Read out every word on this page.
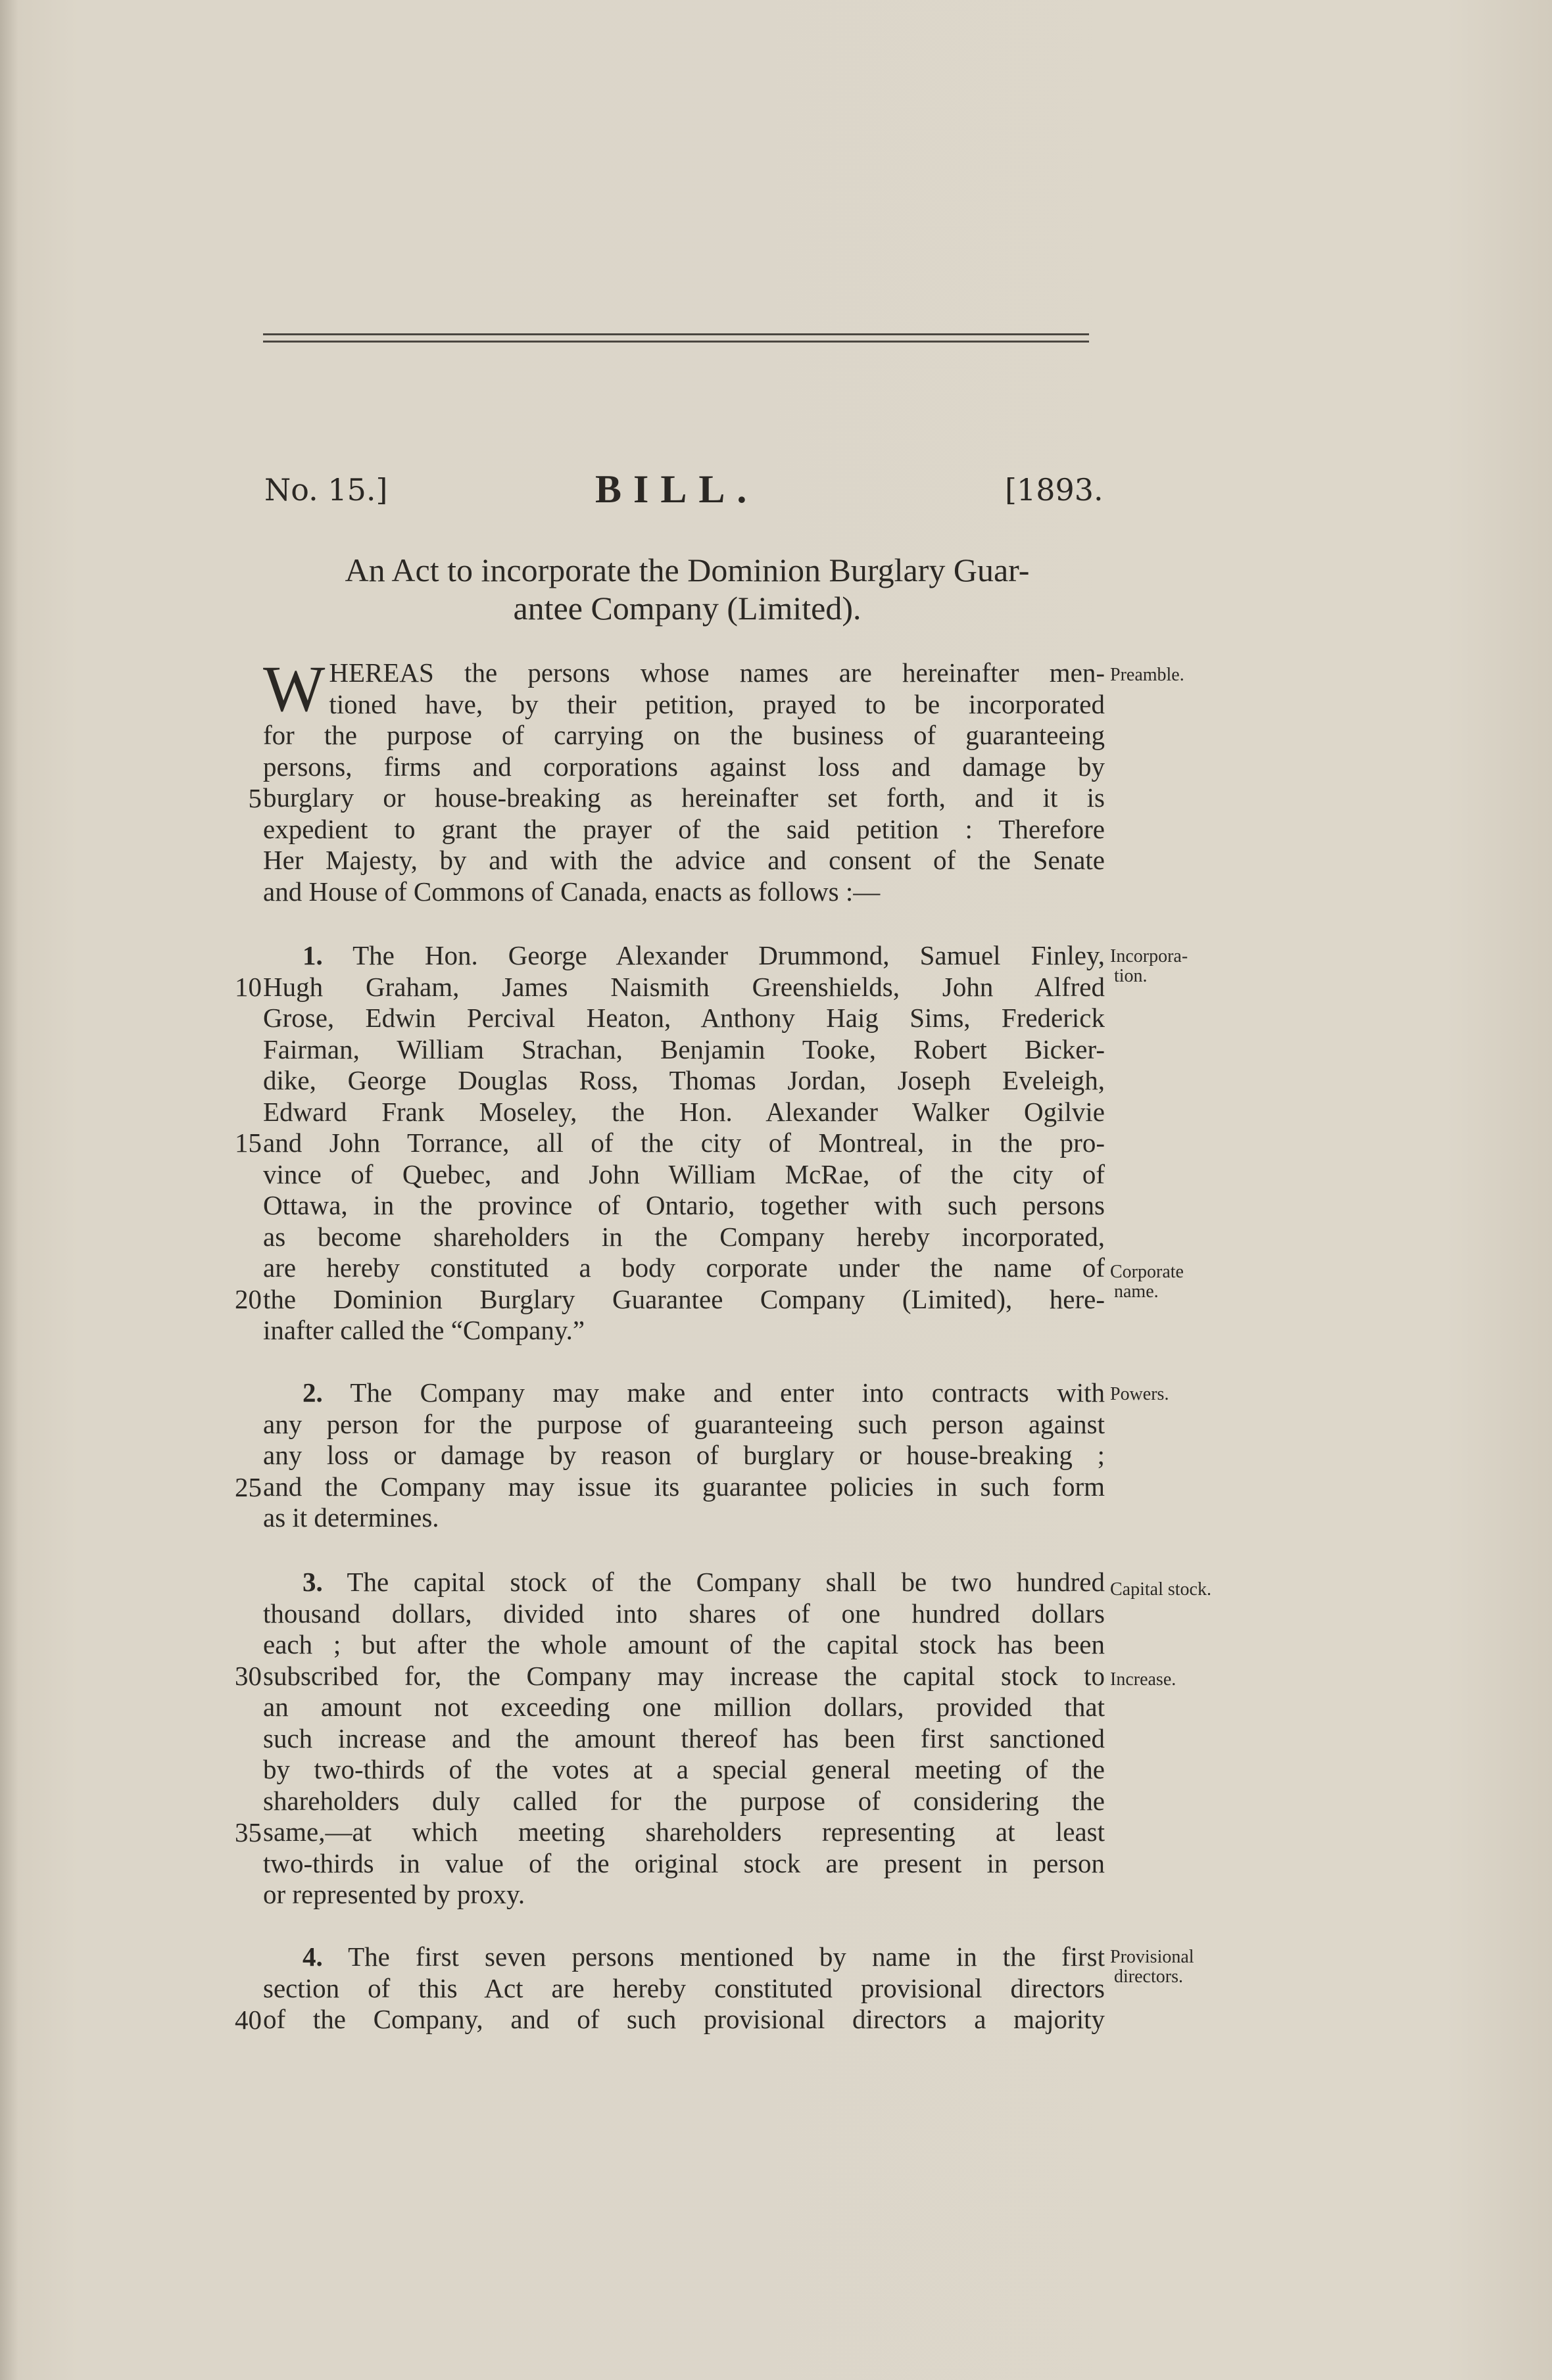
No. 15.]	BILL.	[1893.
An Act to incorporate the Dominion Burglary Guar-
antee Company (Limited).
W HEREAS the persons whose names are hereinafter men-
tioned have, by their petition, prayed to be incorporated
for the purpose of carrying on the business of guaranteeing
persons, firms and corporations against loss and damage by
burglary or house-breaking as hereinafter set forth, and it is
expedient to grant the prayer of the said petition : Therefore
Her Majesty, by and with the advice and consent of the Senate
and House of Commons of Canada, enacts as follows :—
1. The Hon. George Alexander Drummond, Samuel Finley,
Hugh Graham, James Naismith Greenshields, John Alfred
Grose, Edwin Percival Heaton, Anthony Haig Sims, Frederick
Fairman, William Strachan, Benjamin Tooke, Robert Bicker-
dike, George Douglas Ross, Thomas Jordan, Joseph Eveleigh,
Edward Frank Moseley, the Hon. Alexander Walker Ogilvie
and John Torrance, all of the city of Montreal, in the pro-
vince of Quebec, and John William McRae, of the city of
Ottawa, in the province of Ontario, together with such persons
as become shareholders in the Company hereby incorporated,
are hereby constituted a body corporate under the name of
the Dominion Burglary Guarantee Company (Limited), here-
inafter called the “Company.”
2. The Company may make and enter into contracts with
any person for the purpose of guaranteeing such person against
any loss or damage by reason of burglary or house-breaking ;
and the Company may issue its guarantee policies in such form
as it determines.
3. The capital stock of the Company shall be two hundred
thousand dollars, divided into shares of one hundred dollars
each ; but after the whole amount of the capital stock has been
subscribed for, the Company may increase the capital stock to
an amount not exceeding one million dollars, provided that
such increase and the amount thereof has been first sanctioned
by two-thirds of the votes at a special general meeting of the
shareholders duly called for the purpose of considering the
same,—at which meeting shareholders representing at least
two-thirds in value of the original stock are present in person
or represented by proxy.
4. The first seven persons mentioned by name in the first
section of this Act are hereby constituted provisional directors
of the Company, and of such provisional directors a majority
5
10
15
20
25
30
35
40
Preamble.
Incorpora-
tion.
Corporate
name.
Powers.
Capital stock.
Increase.
Provisional
directors.
